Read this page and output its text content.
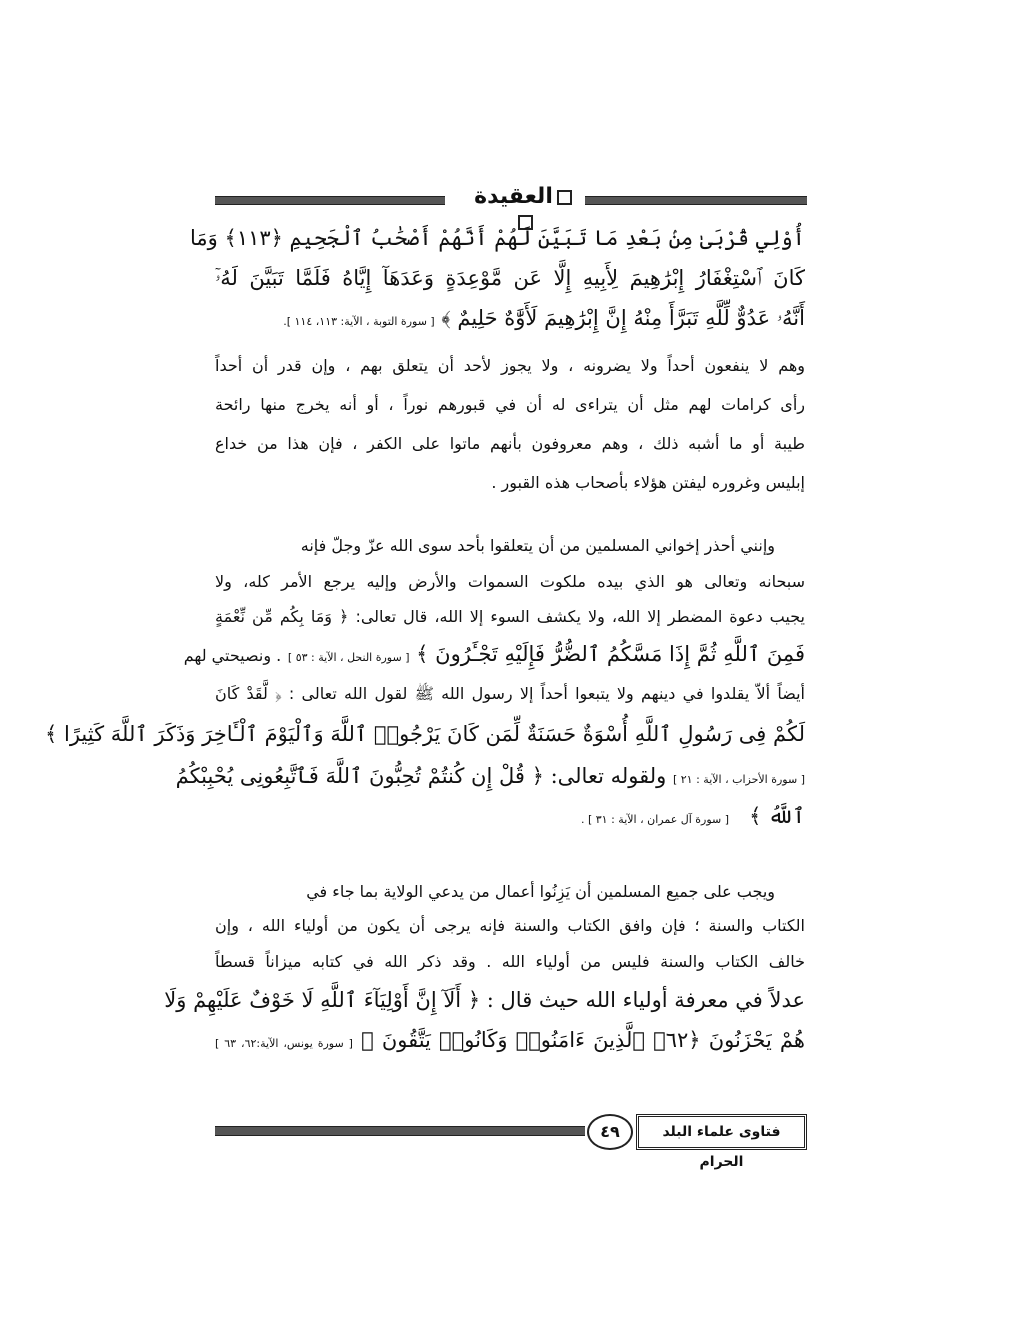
العقيدة
أُوْلِي قُرْبَىٰ مِنۢ بَعْدِ مَا تَبَيَّنَ لَهُمْ أَنَّهُمْ أَصْحَٰبُ ٱلْجَحِيمِ ﴿١١٣﴾ وَمَا
كَانَ ٱسْتِغْفَارُ إِبْرَٰهِيمَ لِأَبِيهِ إِلَّا عَن مَّوْعِدَةٍ وَعَدَهَآ إِيَّاهُ فَلَمَّا تَبَيَّنَ لَهُۥٓ
أَنَّهُۥ عَدُوٌّ لِّلَّهِ تَبَرَّأَ مِنْهُ إِنَّ إِبْرَٰهِيمَ لَأَوَّٰهٌ حَلِيمٌ ﴾ [ سورة التوبة ، الآية: ١١٣، ١١٤ ].
وهم لا ينفعون أحداً ولا يضرونه ، ولا يجوز لأحد أن يتعلق بهم ، وإن قدر أن أحداً
رأى كرامات لهم مثل أن يتراءى له أن في قبورهم نوراً ، أو أنه يخرج منها رائحة
طيبة أو ما أشبه ذلك ، وهم معروفون بأنهم ماتوا على الكفر ، فإن هذا من خداع
إبليس وغروره ليفتن هؤلاء بأصحاب هذه القبور .
وإنني أحذر إخواني المسلمين من أن يتعلقوا بأحد سوى الله عزّ وجلّ فإنه
سبحانه وتعالى هو الذي بيده ملكوت السموات والأرض وإليه يرجع الأمر كله، ولا
يجيب دعوة المضطر إلا الله، ولا يكشف السوء إلا الله، قال تعالى: ﴿ وَمَا بِكُم مِّن نِّعْمَةٍ
فَمِنَ ٱللَّهِ ثُمَّ إِذَا مَسَّكُمُ ٱلضُّرُّ فَإِلَيْهِ تَجْـَٔرُونَ ﴾ [ سورة النحل ، الآية : ٥٣ ] . ونصيحتي لهم
أيضاً ألاّ يقلدوا في دينهم ولا يتبعوا أحداً إلا رسول الله ﷺ لقول الله تعالى : ﴿ لَّقَدْ كَانَ
لَكُمْ فِى رَسُولِ ٱللَّهِ أُسْوَةٌ حَسَنَةٌ لِّمَن كَانَ يَرْجُوا۟ ٱللَّهَ وَٱلْيَوْمَ ٱلْـَٔاخِرَ وَذَكَرَ ٱللَّهَ كَثِيرًا ﴾
[ سورة الأحزاب ، الآية : ٢١ ] ولقوله تعالى: ﴿ قُلْ إِن كُنتُمْ تُحِبُّونَ ٱللَّهَ فَٱتَّبِعُونِى يُحْبِبْكُمُ
ٱللَّهُ ﴾   [ سورة آل عمران ، الآية : ٣١ ] .
ويجب على جميع المسلمين أن يَزِنُوا أعمال من يدعي الولاية بما جاء في
الكتاب والسنة ؛ فإن وافق الكتاب والسنة فإنه يرجى أن يكون من أولياء الله ، وإن
خالف الكتاب والسنة فليس من أولياء الله . وقد ذكر الله في كتابه ميزاناً قسطاً
عدلاً في معرفة أولياء الله حيث قال : ﴿ أَلَآ إِنَّ أَوْلِيَآءَ ٱللَّهِ لَا خَوْفٌ عَلَيْهِمْ وَلَا
هُمْ يَحْزَنُونَ ﴿٦٢﴾ ٱلَّذِينَ ءَامَنُوا۟ وَكَانُوا۟ يَتَّقُونَ ﴾ [ سورة يونس، الآية:٦٢، ٦٣ ]
٤٩	فتاوى علماء البلد الحرام
